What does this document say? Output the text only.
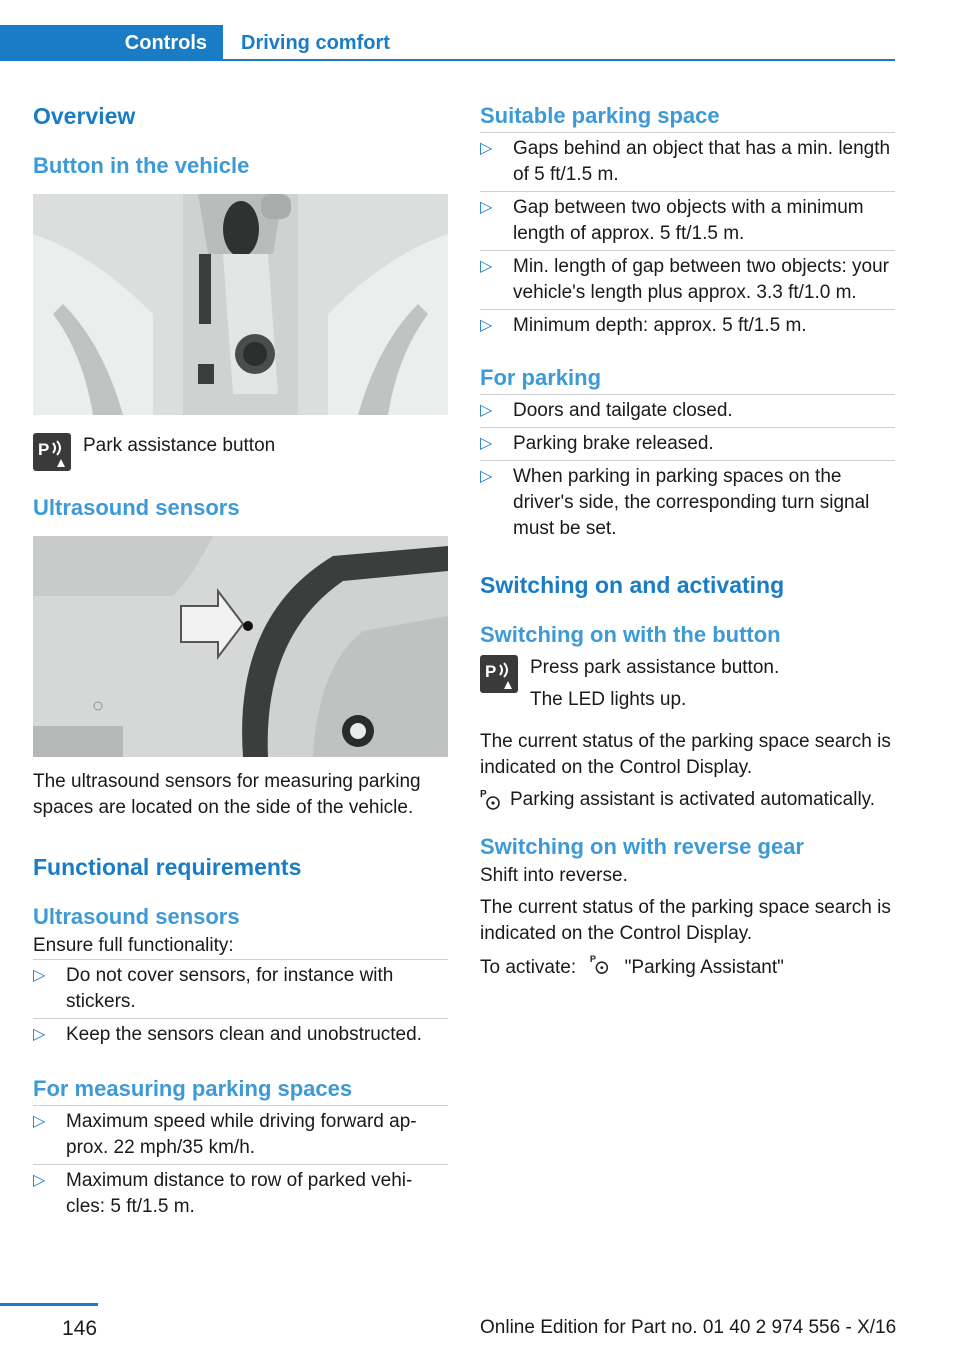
Controls Driving comfort
Overview
Button in the vehicle
P Park assistance button

Ultrasound sensors

The ultrasound sensors for measuring parking spaces are located on the side of the vehicle.

Functional requirements
Ultrasound sensors

Ensure full functionality:

▷ Do not cover sensors, for instance with stickers.
▷ Keep the sensors clean and unobstructed.
For measuring parking spaces
▷ Maximum speed while driving forward ap‐prox. 22 mph/35 km/h.
▷ Maximum distance to row of parked vehi‐cles: 5 ft/1.5 m.
Suitable parking space
▷ Gaps behind an object that has a min. length of 5 ft/1.5 m.
▷ Gap between two objects with a minimum length of approx. 5 ft/1.5 m.
▷ Min. length of gap between two objects: your vehicle's length plus approx. 3.3 ft/1.0 m.
▷ Minimum depth: approx. 5 ft/1.5 m.
For parking
▷ Doors and tailgate closed.
▷ Parking brake released.
▷ When parking in parking spaces on the driver's side, the corresponding turn signal must be set.
Switching on and activating
Switching on with the button
P Press park assistance button.

The LED lights up.

The current status of the parking space search is indicated on the Control Display.

P Parking assistant is activated automatically.

Switching on with reverse gear

Shift into reverse.

The current status of the parking space search is indicated on the Control Display.

To activate: P "Parking Assistant"

146	Online Edition for Part no. 01 40 2 974 556 - X/16
